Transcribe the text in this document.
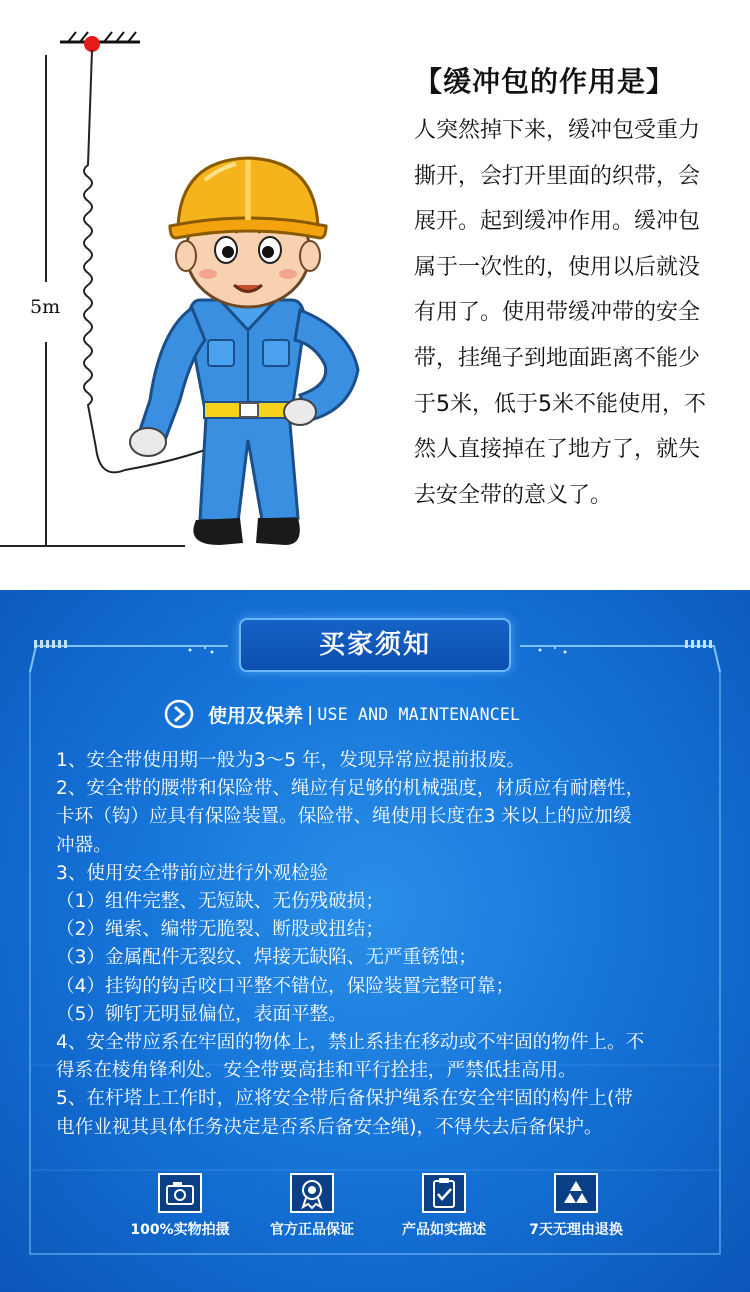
5m
【缓冲包的作用是】
人突然掉下来，缓冲包受重力
撕开，会打开里面的织带，会
展开。起到缓冲作用。缓冲包
属于一次性的，使用以后就没
有用了。使用带缓冲带的安全
带，挂绳子到地面距离不能少
于5米，低于5米不能使用，不
然人直接掉在了地方了，就失
去安全带的意义了。
买家须知
使用及保养 | USE AND MAINTENANCEL
1、安全带使用期一般为3～5 年，发现异常应提前报废。
2、安全带的腰带和保险带、绳应有足够的机械强度，材质应有耐磨性，
卡环（钩）应具有保险装置。保险带、绳使用长度在3 米以上的应加缓
冲器。
3、使用安全带前应进行外观检验
（1）组件完整、无短缺、无伤残破损；
（2）绳索、编带无脆裂、断股或扭结；
（3）金属配件无裂纹、焊接无缺陷、无严重锈蚀；
（4）挂钩的钩舌咬口平整不错位，保险装置完整可靠；
（5）铆钉无明显偏位，表面平整。
4、安全带应系在牢固的物体上，禁止系挂在移动或不牢固的物件上。不
得系在棱角锋利处。安全带要高挂和平行拴挂，严禁低挂高用。
5、在杆塔上工作时，应将安全带后备保护绳系在安全牢固的构件上(带
电作业视其具体任务决定是否系后备安全绳)，不得失去后备保护。
100%实物拍摄	官方正品保证	产品如实描述	7天无理由退换
